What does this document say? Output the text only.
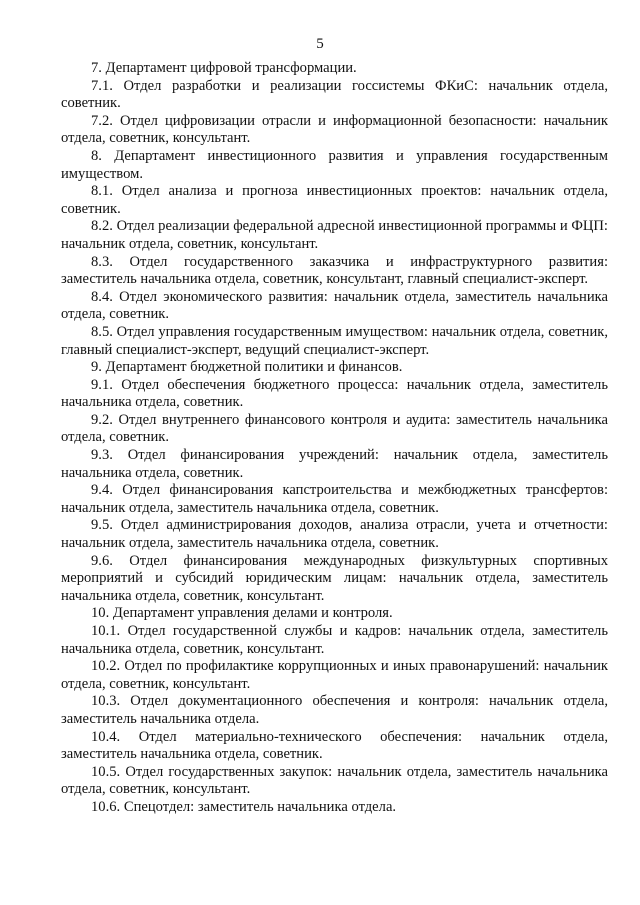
5

7. Департамент цифровой трансформации.

7.1. Отдел разработки и реализации госсистемы ФКиС: начальник отдела, советник.

7.2. Отдел цифровизации отрасли и информационной безопасности: начальник отдела, советник, консультант.

8. Департамент инвестиционного развития и управления государственным имуществом.

8.1. Отдел анализа и прогноза инвестиционных проектов: начальник отдела, советник.

8.2. Отдел реализации федеральной адресной инвестиционной программы и ФЦП: начальник отдела, советник, консультант.

8.3. Отдел государственного заказчика и инфраструктурного развития: заместитель начальника отдела, советник, консультант, главный специалист-эксперт.

8.4. Отдел экономического развития: начальник отдела, заместитель начальника отдела, советник.

8.5. Отдел управления государственным имуществом: начальник отдела, советник, главный специалист-эксперт, ведущий специалист-эксперт.

9. Департамент бюджетной политики и финансов.

9.1. Отдел обеспечения бюджетного процесса: начальник отдела, заместитель начальника отдела, советник.

9.2. Отдел внутреннего финансового контроля и аудита: заместитель начальника отдела, советник.

9.3. Отдел финансирования учреждений: начальник отдела, заместитель начальника отдела, советник.

9.4. Отдел финансирования капстроительства и межбюджетных трансфертов: начальник отдела, заместитель начальника отдела, советник.

9.5. Отдел администрирования доходов, анализа отрасли, учета и отчетности: начальник отдела, заместитель начальника отдела, советник.

9.6. Отдел финансирования международных физкультурных спортивных мероприятий и субсидий юридическим лицам: начальник отдела, заместитель начальника отдела, советник, консультант.

10. Департамент управления делами и контроля.

10.1. Отдел государственной службы и кадров: начальник отдела, заместитель начальника отдела, советник, консультант.

10.2. Отдел по профилактике коррупционных и иных правонарушений: начальник отдела, советник, консультант.

10.3. Отдел документационного обеспечения и контроля: начальник отдела, заместитель начальника отдела.

10.4. Отдел материально-технического обеспечения: начальник отдела, заместитель начальника отдела, советник.

10.5. Отдел государственных закупок: начальник отдела, заместитель начальника отдела, советник, консультант.

10.6. Спецотдел: заместитель начальника отдела.
